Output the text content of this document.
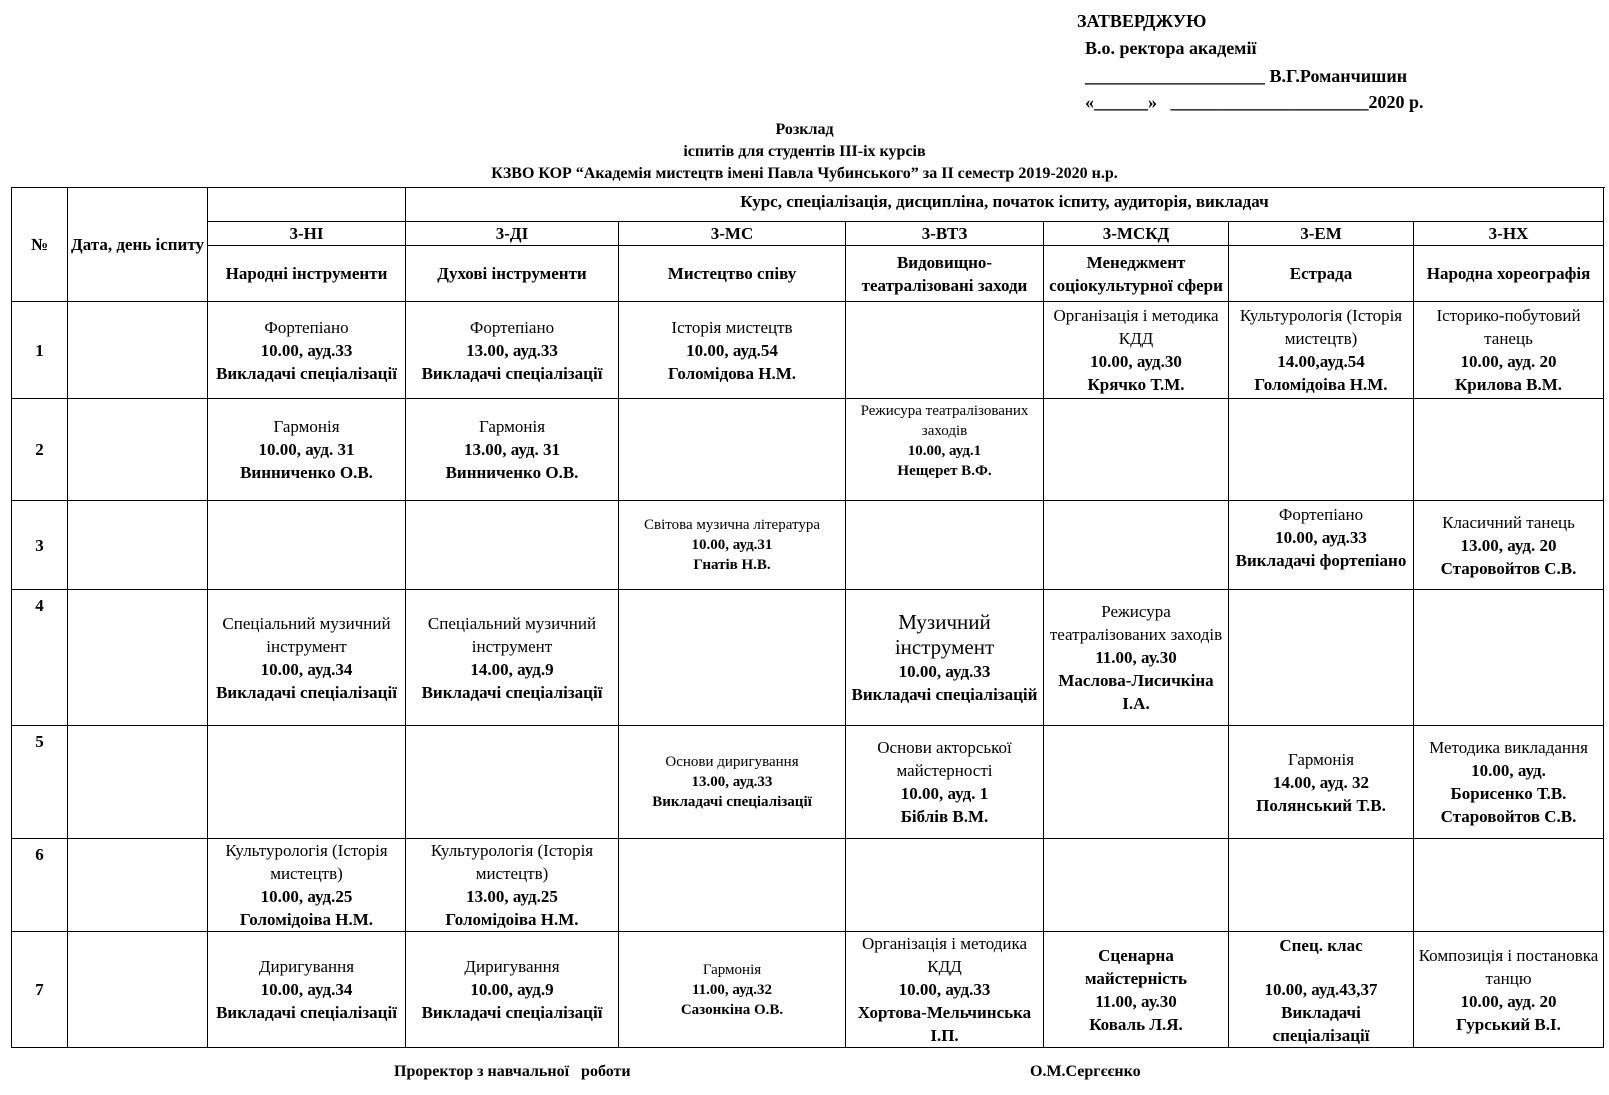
ЗАТВЕРДЖУЮ
В.о. ректора академії
____________________ В.Г.Романчишин
«______»   ______________________2020 р.
Розклад
іспитів для студентів ІІІ-іх курсів
КЗВО КОР “Академія мистецтв імені Павла Чубинського” за ІІ семестр 2019-2020 н.р.
№	Дата, день іспиту		Курс, спеціалізація, дисципліна, початок іспиту, аудиторія, викладач					
		3-НІ	3-ДІ	3-МС	3-ВТЗ	3-МСКД	3-ЕМ	3-НХ
		Народні інструменти	Духові інструменти	Мистецтво співу	Видовищно-театралізовані заходи	Менеджмент соціокультурної сфери	Естрада	Народна хореографія
1		Фортепіано
10.00, ауд.33
Викладачі спеціалізації	Фортепіано
13.00, ауд.33
Викладачі спеціалізації	Історія мистецтв
10.00, ауд.54
Голомідова Н.М.		Організація і методика КДД
10.00, ауд.30
Крячко Т.М.	Культурологія (Історія мистецтв)
14.00,ауд.54
Голомідоіва Н.М.	Історико-побутовий танець
10.00, ауд. 20
Крилова В.М.

2		Гармонія
10.00, ауд. 31
Винниченко О.В.	Гармонія
13.00, ауд. 31
Винниченко О.В.		Режисура театралізованих заходів
10.00, ауд.1
Нещерет В.Ф.			

3				Світова музична література
10.00, ауд.31
Гнатів Н.В.			Фортепіано
10.00, ауд.33
Викладачі фортепіано	Класичний танець
13.00, ауд. 20
Старовойтов С.В.

4		Спеціальний музичний інструмент
10.00, ауд.34
Викладачі спеціалізації	Спеціальний музичний інструмент
14.00, ауд.9
Викладачі спеціалізації		Музичний інструмент
10.00, ауд.33
Викладачі спеціалізацій	Режисура театралізованих заходів
11.00, ау.30
Маслова-Лисичкіна І.А.		

5				Основи диригування
13.00, ауд.33
Викладачі спеціалізації	Основи акторської майстерності
10.00, ауд. 1
Біблів В.М.		Гармонія
14.00, ауд. 32
Полянський Т.В.	Методика викладання
10.00, ауд.
Борисенко Т.В. Старовойтов С.В.

6		Культурологія (Історія мистецтв)
10.00, ауд.25
Голомідоіва Н.М.	Культурологія (Історія мистецтв)
13.00, ауд.25
Голомідоіва Н.М.					

7		Диригування
10.00, ауд.34
Викладачі спеціалізації	Диригування
10.00, ауд.9
Викладачі спеціалізації	Гармонія
11.00, ауд.32
Сазонкіна О.В.	Організація і методика КДД
10.00, ауд.33
Хортова-Мельчинська І.П.	Сценарна майстерність
11.00, ау.30
Коваль Л.Я.	Спец. клас
10.00, ауд.43,37
Викладачі спеціалізації	Композиція і постановка танцю
10.00, ауд. 20
Гурський В.І.
Проректор з навчальної   роботи	О.М.Сергєєнко
